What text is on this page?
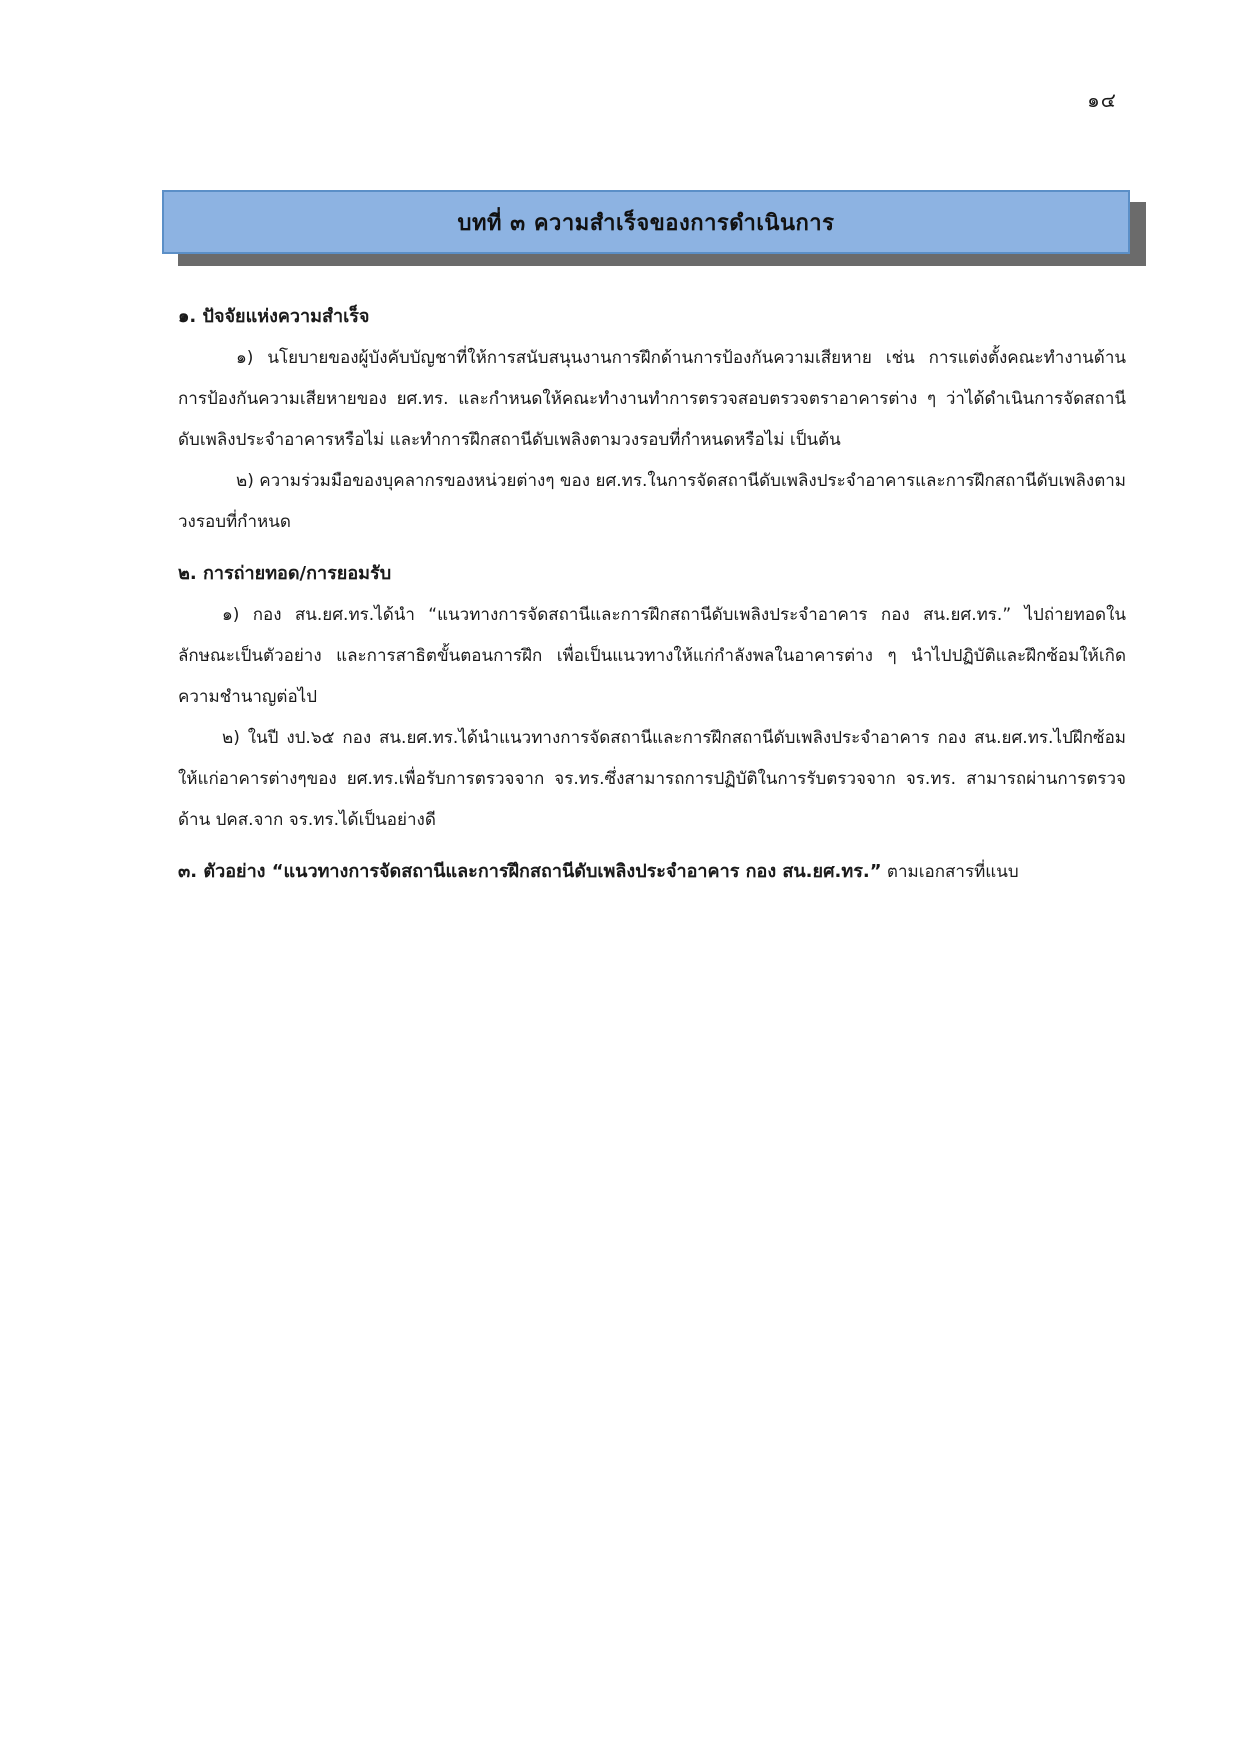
๑๔
บทที่ ๓ ความสำเร็จของการดำเนินการ

๑. ปัจจัยแห่งความสำเร็จ

๑) นโยบายของผู้บังคับบัญชาที่ให้การสนับสนุนงานการฝึกด้านการป้องกันความเสียหาย เช่น การแต่งตั้งคณะทำงานด้านการป้องกันความเสียหายของ ยศ.ทร. และกำหนดให้คณะทำงานทำการตรวจสอบตรวจตราอาคารต่าง ๆ ว่าได้ดำเนินการจัดสถานีดับเพลิงประจำอาคารหรือไม่ และทำการฝึกสถานีดับเพลิงตามวงรอบที่กำหนดหรือไม่ เป็นต้น

๒) ความร่วมมือของบุคลากรของหน่วยต่างๆ ของ ยศ.ทร.ในการจัดสถานีดับเพลิงประจำอาคารและการฝึกสถานีดับเพลิงตามวงรอบที่กำหนด

๒. การถ่ายทอด/การยอมรับ

๑) กอง สน.ยศ.ทร.ได้นำ “แนวทางการจัดสถานีและการฝึกสถานีดับเพลิงประจำอาคาร กอง สน.ยศ.ทร.” ไปถ่ายทอดในลักษณะเป็นตัวอย่าง และการสาธิตขั้นตอนการฝึก เพื่อเป็นแนวทางให้แก่กำลังพลในอาคารต่าง ๆ นำไปปฏิบัติและฝึกซ้อมให้เกิดความชำนาญต่อไป

๒) ในปี งป.๖๕ กอง สน.ยศ.ทร.ได้นำแนวทางการจัดสถานีและการฝึกสถานีดับเพลิงประจำอาคาร กอง สน.ยศ.ทร.ไปฝึกซ้อมให้แก่อาคารต่างๆของ ยศ.ทร.เพื่อรับการตรวจจาก จร.ทร.ซึ่งสามารถการปฏิบัติในการรับตรวจจาก จร.ทร. สามารถผ่านการตรวจด้าน ปคส.จาก จร.ทร.ได้เป็นอย่างดี

๓. ตัวอย่าง “แนวทางการจัดสถานีและการฝึกสถานีดับเพลิงประจำอาคาร กอง สน.ยศ.ทร.” ตามเอกสารที่แนบ
